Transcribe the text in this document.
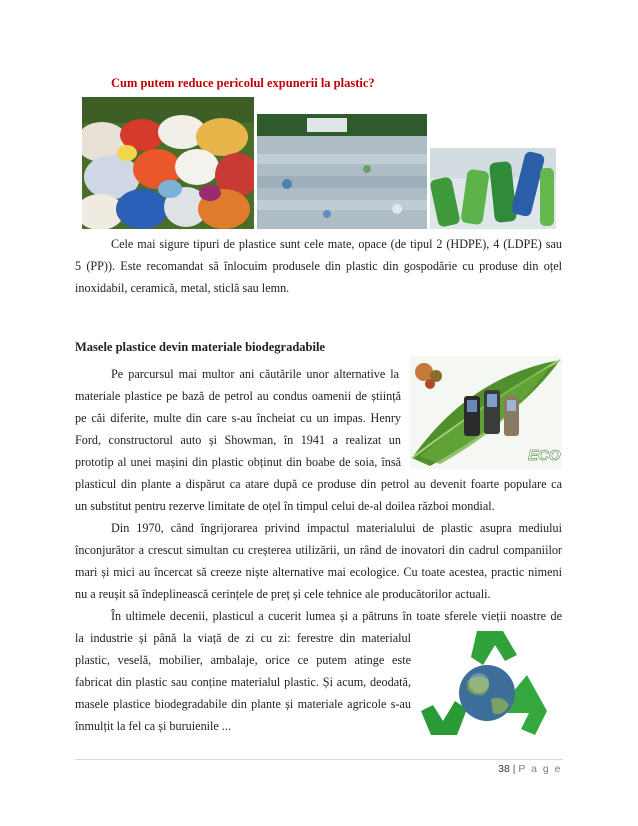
Cum putem reduce pericolul expunerii la plastic?

Cele mai sigure tipuri de plastice sunt cele mate, opace (de tipul 2 (HDPE), 4 (LDPE) sau

5 (PP)). Este recomandat să înlocuim produsele din plastic din gospodărie cu produse din oțel

inoxidabil, ceramică, metal, sticlă sau lemn.

Masele plastice devin materiale biodegradabile
ECO

Pe parcursul mai multor ani căutările unor alternative la

materiale plastice pe bază de petrol au condus oamenii de știință

pe căi diferite, multe din care s-au încheiat cu un impas. Henry

Ford, constructorul auto și Showman, în 1941 a realizat un

prototip al unei mașini din plastic obținut din boabe de soia, însă

plasticul din plante a dispărut ca atare după ce produse din petrol au devenit foarte populare ca

un substitut pentru rezerve limitate de oțel în timpul celui de-al doilea război mondial.

Din 1970, când îngrijorarea privind impactul materialului de plastic asupra mediului

înconjurător a crescut simultan cu creșterea utilizării, un rând de inovatori din cadrul companiilor

mari și mici au încercat să creeze niște alternative mai ecologice. Cu toate acestea, practic nimeni

nu a reușit să îndeplinească cerințele de preț și cele tehnice ale producătorilor actuali.

În ultimele decenii, plasticul a cucerit lumea și a pătruns în toate sferele vieții noastre de

la industrie și până la viață de zi cu zi: ferestre din materialul

plastic, veselă, mobilier, ambalaje, orice ce putem atinge este

fabricat din plastic sau conține materialul plastic. Și acum, deodată,

masele plastice biodegradabile din plante și materiale agricole s-au

înmulțit la fel ca și buruienile ...

38 | P a g e
